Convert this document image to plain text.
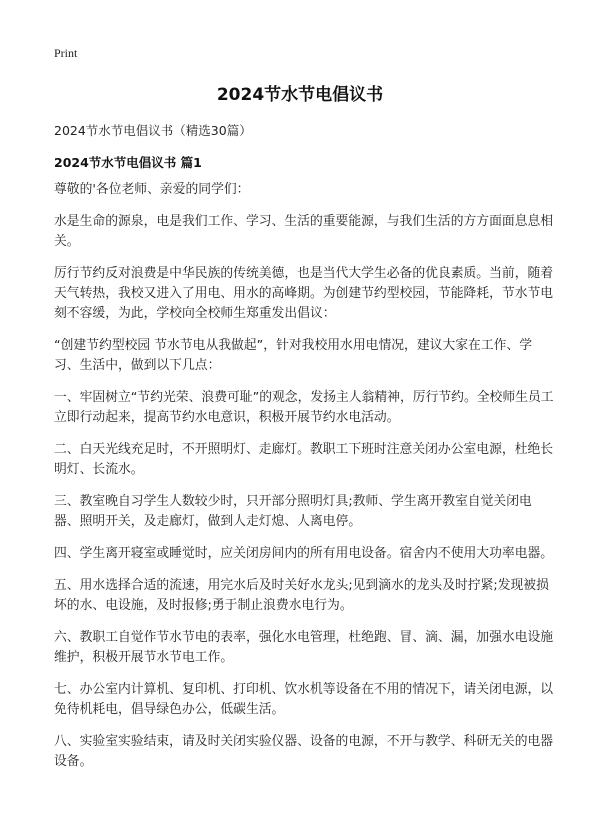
Print
2024节水节电倡议书
2024节水节电倡议书（精选30篇）
2024节水节电倡议书 篇1

尊敬的'各位老师、亲爱的同学们：

水是生命的源泉，电是我们工作、学习、生活的重要能源，与我们生活的方方面面息息相关。

厉行节约反对浪费是中华民族的传统美德，也是当代大学生必备的优良素质。当前，随着天气转热，我校又进入了用电、用水的高峰期。为创建节约型校园，节能降耗，节水节电刻不容缓，为此，学校向全校师生郑重发出倡议：

“创建节约型校园 节水节电从我做起”，针对我校用水用电情况，建议大家在工作、学习、生活中，做到以下几点：

一、牢固树立“节约光荣、浪费可耻”的观念，发扬主人翁精神，厉行节约。全校师生员工立即行动起来，提高节约水电意识，积极开展节约水电活动。

二、白天光线充足时，不开照明灯、走廊灯。教职工下班时注意关闭办公室电源，杜绝长明灯、长流水。

三、教室晚自习学生人数较少时，只开部分照明灯具;教师、学生离开教室自觉关闭电器、照明开关，及走廊灯，做到人走灯熄、人离电停。

四、学生离开寝室或睡觉时，应关闭房间内的所有用电设备。宿舍内不使用大功率电器。

五、用水选择合适的流速，用完水后及时关好水龙头;见到滴水的龙头及时拧紧;发现被损坏的水、电设施，及时报修;勇于制止浪费水电行为。

六、教职工自觉作节水节电的表率，强化水电管理，杜绝跑、冒、滴、漏，加强水电设施维护，积极开展节水节电工作。

七、办公室内计算机、复印机、打印机、饮水机等设备在不用的情况下，请关闭电源，以免待机耗电，倡导绿色办公，低碳生活。

八、实验室实验结束，请及时关闭实验仪器、设备的电源，不开与教学、科研无关的电器设备。
